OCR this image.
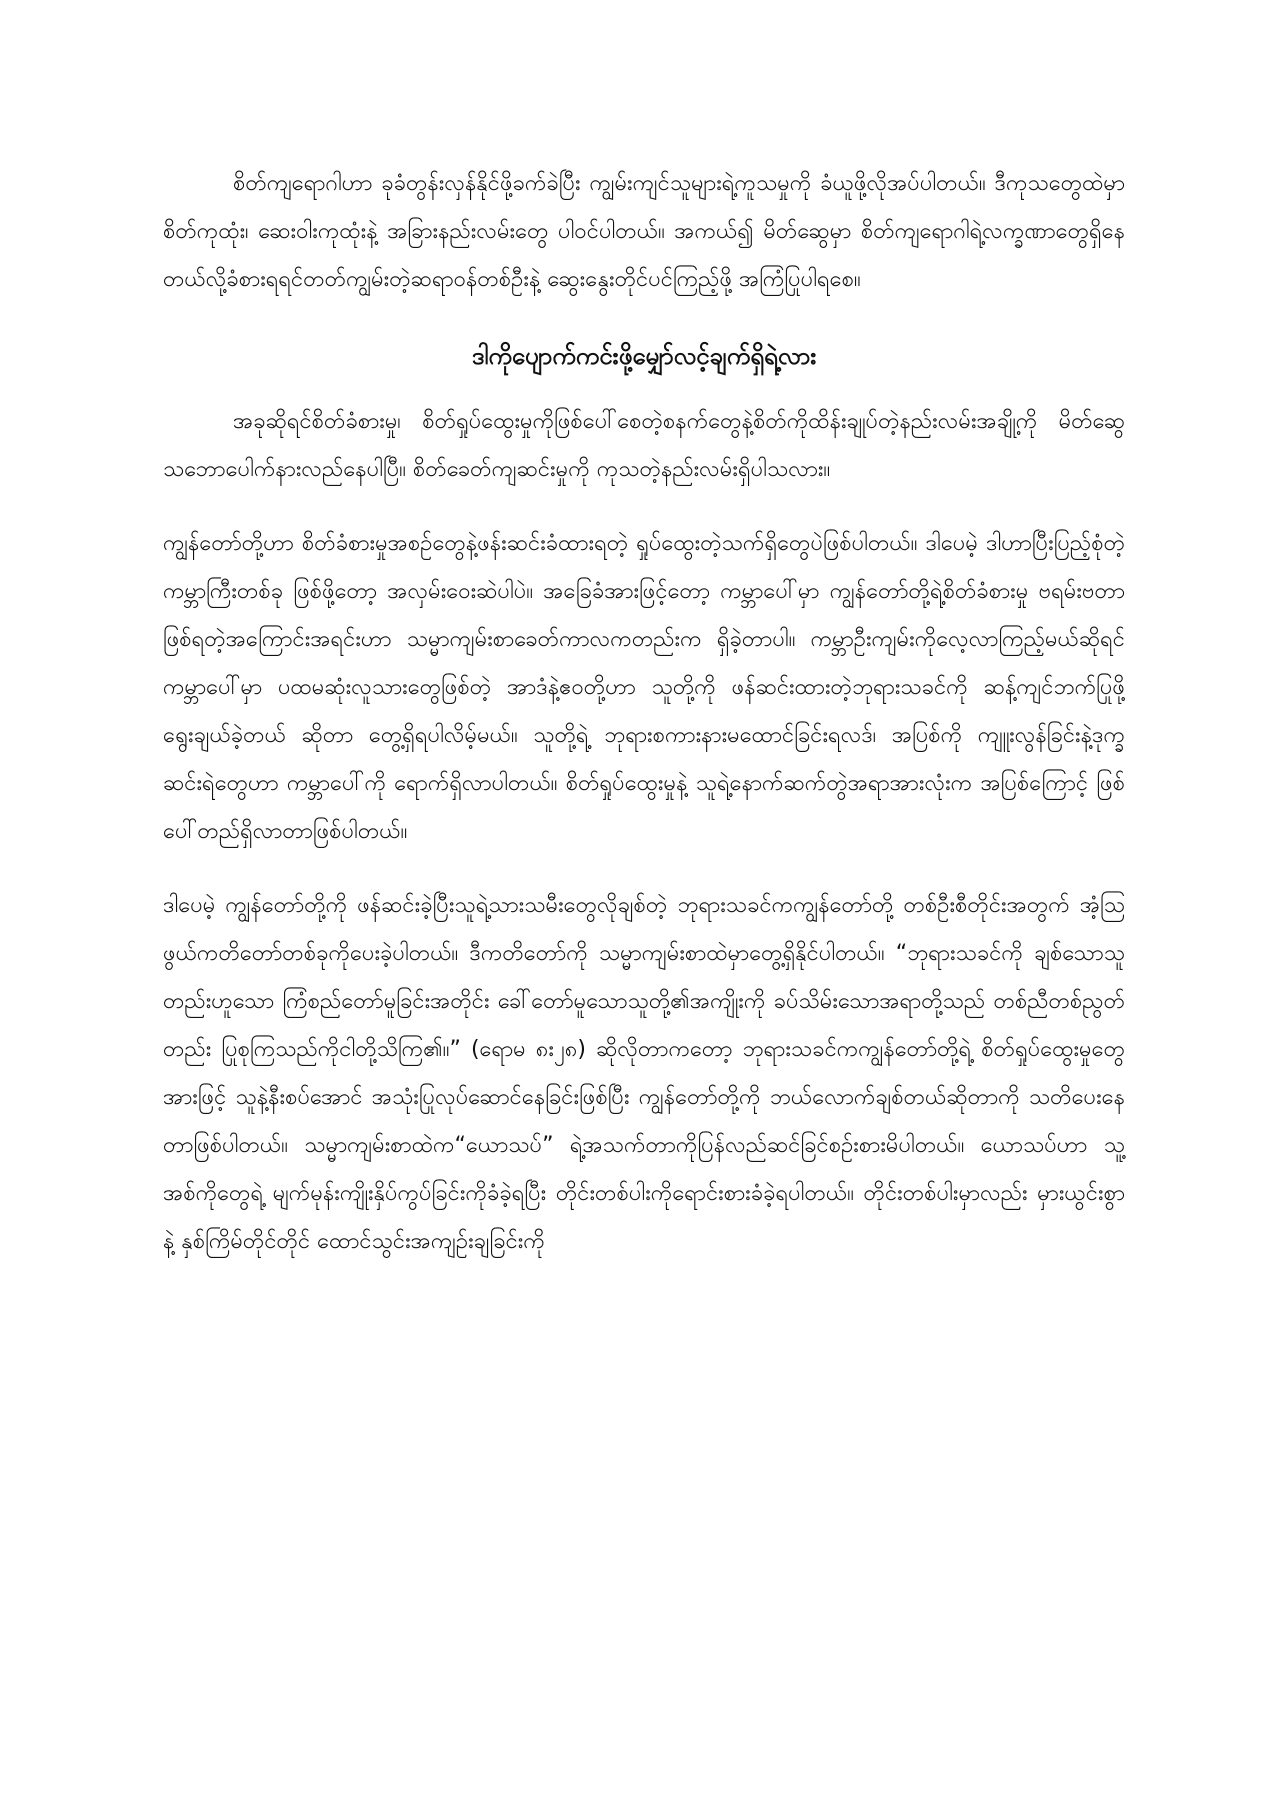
စိတ်ကျရောဂါဟာ ခုခံတွန်းလှန်နိုင်ဖို့ခက်ခဲပြီး ကျွမ်းကျင်သူများရဲ့ကူသမှုကို ခံယူဖို့လိုအပ်ပါတယ်။ ဒီကုသတွေထဲမှာ စိတ်ကုထုံး၊ ဆေးဝါးကုထုံးနဲ့ အခြားနည်းလမ်းတွေ ပါဝင်ပါတယ်။ အကယ်၍ မိတ်ဆွေမှာ စိတ်ကျရောဂါရဲ့လက္ခဏာတွေရှိနေတယ်လို့ခံစားရရင်တတ်ကျွမ်းတဲ့ဆရာဝန်တစ်ဦးနဲ့ ဆွေးနွေးတိုင်ပင်ကြည့်ဖို့ အကြံပြုပါရစေ။

ဒါကိုပျောက်ကင်းဖို့မျှော်လင့်ချက်ရှိရဲ့လား

အခုဆိုရင်စိတ်ခံစားမှု၊ စိတ်ရှုပ်ထွေးမှုကိုဖြစ်ပေါ်စေတဲ့စနက်တွေနဲ့စိတ်ကိုထိန်းချုပ်တဲ့နည်းလမ်းအချို့ကို မိတ်ဆွေသဘောပေါက်နားလည်နေပါပြီ။ စိတ်ခေတ်ကျဆင်းမှုကို ကုသတဲ့နည်းလမ်းရှိပါသလား။

ကျွန်တော်တို့ဟာ စိတ်ခံစားမှုအစဉ်တွေနဲ့ဖန်းဆင်းခံထားရတဲ့ ရှုပ်ထွေးတဲ့သက်ရှိတွေပဲဖြစ်ပါတယ်။ ဒါပေမဲ့ ဒါဟာပြီးပြည့်စုံတဲ့ကမ္ဘာကြီးတစ်ခု ဖြစ်ဖို့တော့ အလှမ်းဝေးဆဲပါပဲ။ အခြေခံအားဖြင့်တော့ ကမ္ဘာပေါ်မှာ ကျွန်တော်တို့ရဲ့စိတ်ခံစားမှု ဗရမ်းဗတာဖြစ်ရတဲ့အကြောင်းအရင်းဟာ သမ္မာကျမ်းစာခေတ်ကာလကတည်းက ရှိခဲ့တာပါ။ ကမ္ဘာဦးကျမ်းကိုလေ့လာကြည့်မယ်ဆိုရင်ကမ္ဘာပေါ်မှာ ပထမဆုံးလူသားတွေဖြစ်တဲ့ အာဒံနဲ့ဧဝတို့ဟာ သူတို့ကို ဖန်ဆင်းထားတဲ့ဘုရားသခင်ကို ဆန့်ကျင်ဘက်ပြုဖို့ ရွေးချယ်ခဲ့တယ် ဆိုတာ တွေ့ရှိရပါလိမ့်မယ်။ သူတို့ရဲ့ ဘုရားစကားနားမထောင်ခြင်းရလဒ်၊ အပြစ်ကို ကျူးလွန်ခြင်းနဲ့ဒုက္ခဆင်းရဲတွေဟာ ကမ္ဘာပေါ်ကို ရောက်ရှိလာပါတယ်။ စိတ်ရှုပ်ထွေးမှုနဲ့ သူရဲ့နောက်ဆက်တွဲအရာအားလုံးက အပြစ်ကြောင့် ဖြစ်ပေါ်တည်ရှိလာတာဖြစ်ပါတယ်။

ဒါပေမဲ့ ကျွန်တော်တို့ကို ဖန်ဆင်းခဲ့ပြီးသူရဲ့သားသမီးတွေလိုချစ်တဲ့ ဘုရားသခင်ကကျွန်တော်တို့ တစ်ဦးစီတိုင်းအတွက် အံ့သြဖွယ်ကတိတော်တစ်ခုကိုပေးခဲ့ပါတယ်။ ဒီကတိတော်ကို သမ္မာကျမ်းစာထဲမှာတွေ့ရှိနိုင်ပါတယ်။ “ဘုရားသခင်ကို ချစ်သောသူတည်းဟူသော ကြံစည်တော်မူခြင်းအတိုင်း ခေါ်တော်မူသောသူတို့၏အကျိုးကို ခပ်သိမ်းသောအရာတို့သည် တစ်ညီတစ်ညွတ်တည်း ပြုစုကြသည်ကိုငါတို့သိကြ၏။” (ရောမ ၈း၂၈) ဆိုလိုတာကတော့ ဘုရားသခင်ကကျွန်တော်တို့ရဲ့ စိတ်ရှုပ်ထွေးမှုတွေအားဖြင့် သူနဲ့နီးစပ်အောင် အသုံးပြုလုပ်ဆောင်နေခြင်းဖြစ်ပြီး ကျွန်တော်တို့ကို ဘယ်လောက်ချစ်တယ်ဆိုတာကို သတိပေးနေတာဖြစ်ပါတယ်။ သမ္မာကျမ်းစာထဲက“ယောသပ်” ရဲ့အသက်တာကိုပြန်လည်ဆင်ခြင်စဉ်းစားမိပါတယ်။ ယောသပ်ဟာ သူ့အစ်ကိုတွေရဲ့ မျက်မုန်းကျိုးနှိပ်ကွပ်ခြင်းကိုခံခဲ့ရပြီး တိုင်းတစ်ပါးကိုရောင်းစားခံခဲ့ရပါတယ်။ တိုင်းတစ်ပါးမှာလည်း မှားယွင်းစွာနဲ့ နှစ်ကြိမ်တိုင်တိုင် ထောင်သွင်းအကျဉ်းချခြင်းကို
